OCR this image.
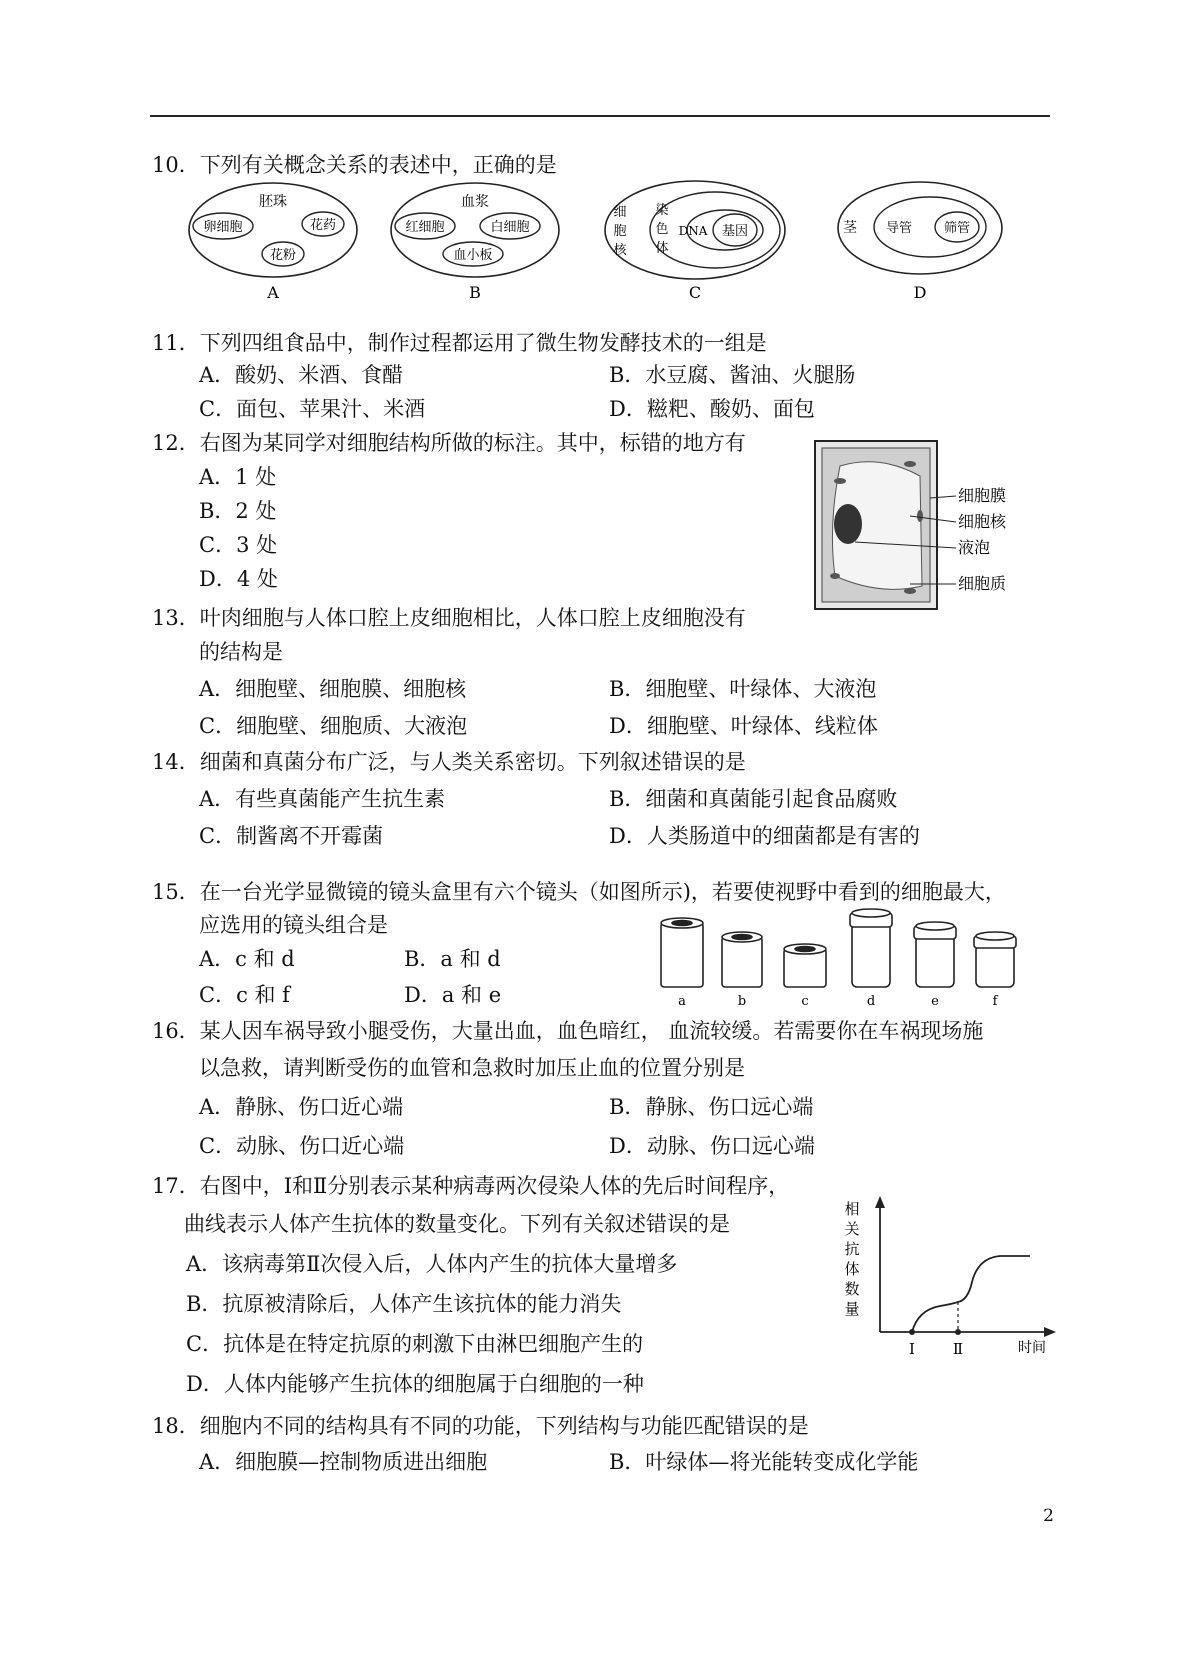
10．下列有关概念关系的表述中，正确的是
胚珠
卵细胞	花药
花粉
A
血浆
红细胞	白细胞
血小板
B
细
胞
核
染
色
体
DNA 基因
C
茎 导管 筛管
D
11．下列四组食品中，制作过程都运用了微生物发酵技术的一组是
A．酸奶、米酒、食醋	B．水豆腐、酱油、火腿肠
C．面包、苹果汁、米酒	D．糍粑、酸奶、面包
12．右图为某同学对细胞结构所做的标注。其中，标错的地方有
A．1 处
B．2 处
C．3 处
D．4 处
细胞膜
细胞核
液泡
细胞质
13．叶肉细胞与人体口腔上皮细胞相比，人体口腔上皮细胞没有
的结构是
A．细胞壁、细胞膜、细胞核	B．细胞壁、叶绿体、大液泡
C．细胞壁、细胞质、大液泡	D．细胞壁、叶绿体、线粒体
14．细菌和真菌分布广泛，与人类关系密切。下列叙述错误的是
A．有些真菌能产生抗生素	B．细菌和真菌能引起食品腐败
C．制酱离不开霉菌	D．人类肠道中的细菌都是有害的
15．在一台光学显微镜的镜头盒里有六个镜头（如图所示)，若要使视野中看到的细胞最大，
应选用的镜头组合是
A．c 和 d	B．a 和 d
C．c 和 f	D．a 和 e	a	b	c	d	e	f
16．某人因车祸导致小腿受伤，大量出血，血色暗红， 血流较缓。若需要你在车祸现场施
以急救，请判断受伤的血管和急救时加压止血的位置分别是
A．静脉、伤口近心端	B．静脉、伤口远心端
C．动脉、伤口近心端	D．动脉、伤口远心端
17．右图中，Ⅰ和Ⅱ分别表示某种病毒两次侵染人体的先后时间程序，
曲线表示人体产生抗体的数量变化。下列有关叙述错误的是
A．该病毒第Ⅱ次侵入后，人体内产生的抗体大量增多
B．抗原被清除后，人体产生该抗体的能力消失
C．抗体是在特定抗原的刺激下由淋巴细胞产生的
D．人体内能够产生抗体的细胞属于白细胞的一种
相
关
抗
体
数
量
Ⅰ	Ⅱ	时间
18．细胞内不同的结构具有不同的功能，下列结构与功能匹配错误的是
A．细胞膜—控制物质进出细胞	B．叶绿体—将光能转变成化学能
2
